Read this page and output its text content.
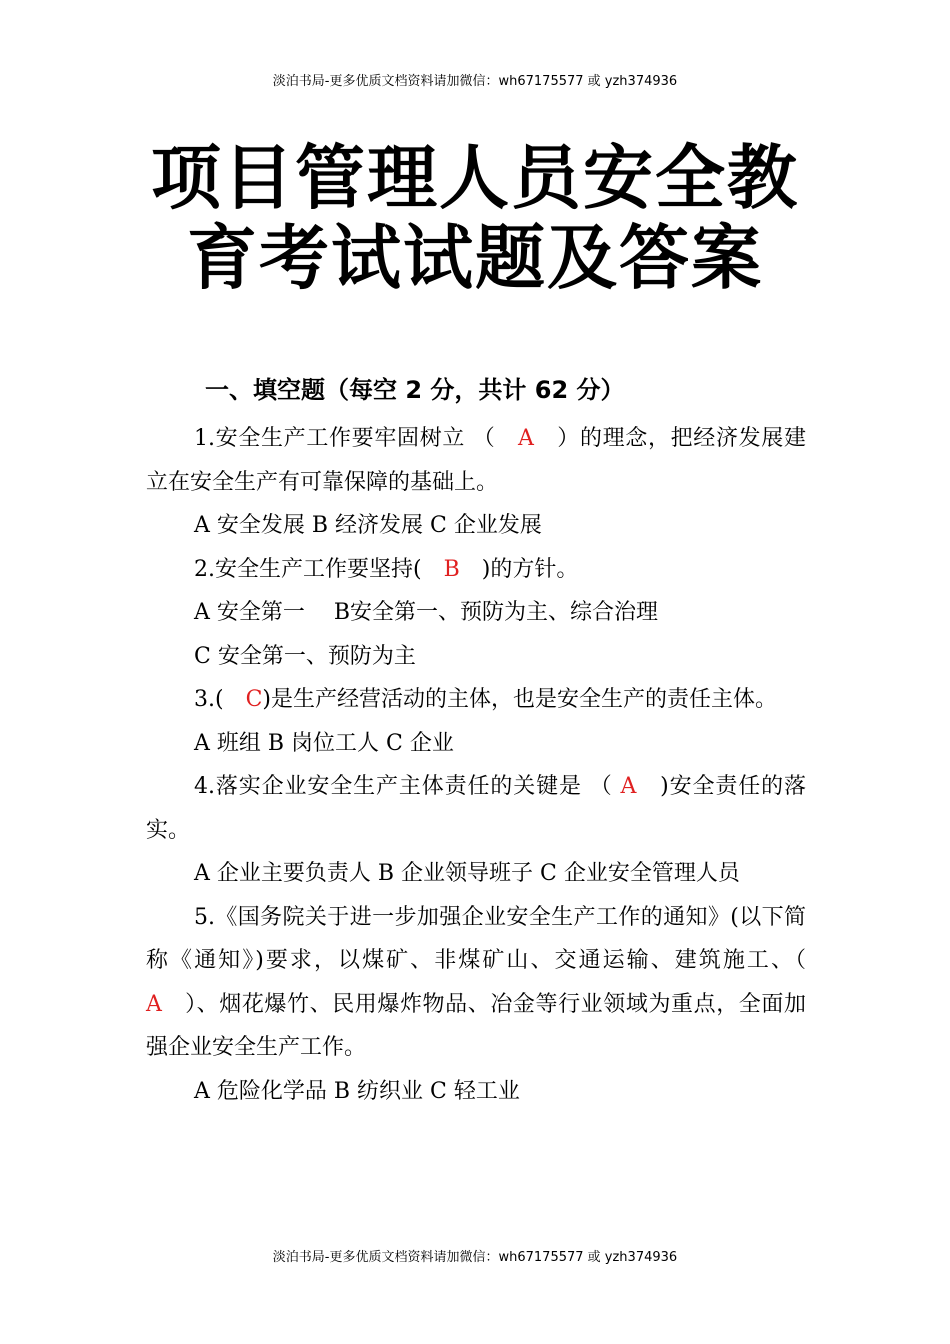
淡泊书局-更多优质文档资料请加微信：wh67175577 或 yzh374936
项目管理人员安全教
育考试试题及答案
一、填空题（每空 2 分，共计 62 分）

1.安全生产工作要牢固树立 （　A　）的理念，把经济发展建立在安全生产有可靠保障的基础上。

A 安全发展 B 经济发展 C 企业发展

2.安全生产工作要坚持(　B　)的方针。

A 安全第一　 B安全第一、预防为主、综合治理

C 安全第一、预防为主

3.(　C)是生产经营活动的主体，也是安全生产的责任主体。

A 班组 B 岗位工人 C 企业

4.落实企业安全生产主体责任的关键是 （ A　)安全责任的落实。

A 企业主要负责人 B 企业领导班子 C 企业安全管理人员

5.《国务院关于进一步加强企业安全生产工作的通知》(以下简称《通知》)要求，以煤矿、非煤矿山、交通运输、建筑施工、（ A　）、烟花爆竹、民用爆炸物品、冶金等行业领域为重点，全面加强企业安全生产工作。

A 危险化学品 B 纺织业 C 轻工业

淡泊书局-更多优质文档资料请加微信：wh67175577 或 yzh374936
